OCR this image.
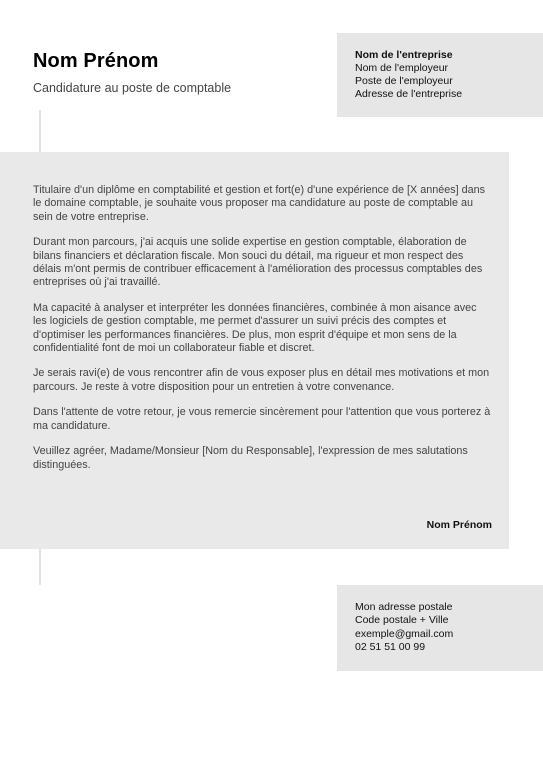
Nom Prénom
Candidature au poste de comptable
Nom de l'entreprise
Nom de l'employeur
Poste de l'employeur
Adresse de l'entreprise

Titulaire d'un diplôme en comptabilité et gestion et fort(e) d'une expérience de [X années] dans le domaine comptable, je souhaite vous proposer ma candidature au poste de comptable au sein de votre entreprise.

Durant mon parcours, j'ai acquis une solide expertise en gestion comptable, élaboration de bilans financiers et déclaration fiscale. Mon souci du détail, ma rigueur et mon respect des délais m'ont permis de contribuer efficacement à l'amélioration des processus comptables des entreprises où j'ai travaillé.

Ma capacité à analyser et interpréter les données financières, combinée à mon aisance avec les logiciels de gestion comptable, me permet d'assurer un suivi précis des comptes et d'optimiser les performances financières. De plus, mon esprit d'équipe et mon sens de la confidentialité font de moi un collaborateur fiable et discret.

Je serais ravi(e) de vous rencontrer afin de vous exposer plus en détail mes motivations et mon parcours. Je reste à votre disposition pour un entretien à votre convenance.

Dans l'attente de votre retour, je vous remercie sincèrement pour l'attention que vous porterez à ma candidature.

Veuillez agréer, Madame/Monsieur [Nom du Responsable], l'expression de mes salutations distinguées.

Nom Prénom
Mon adresse postale
Code postale + Ville
exemple@gmail.com
02 51 51 00 99
